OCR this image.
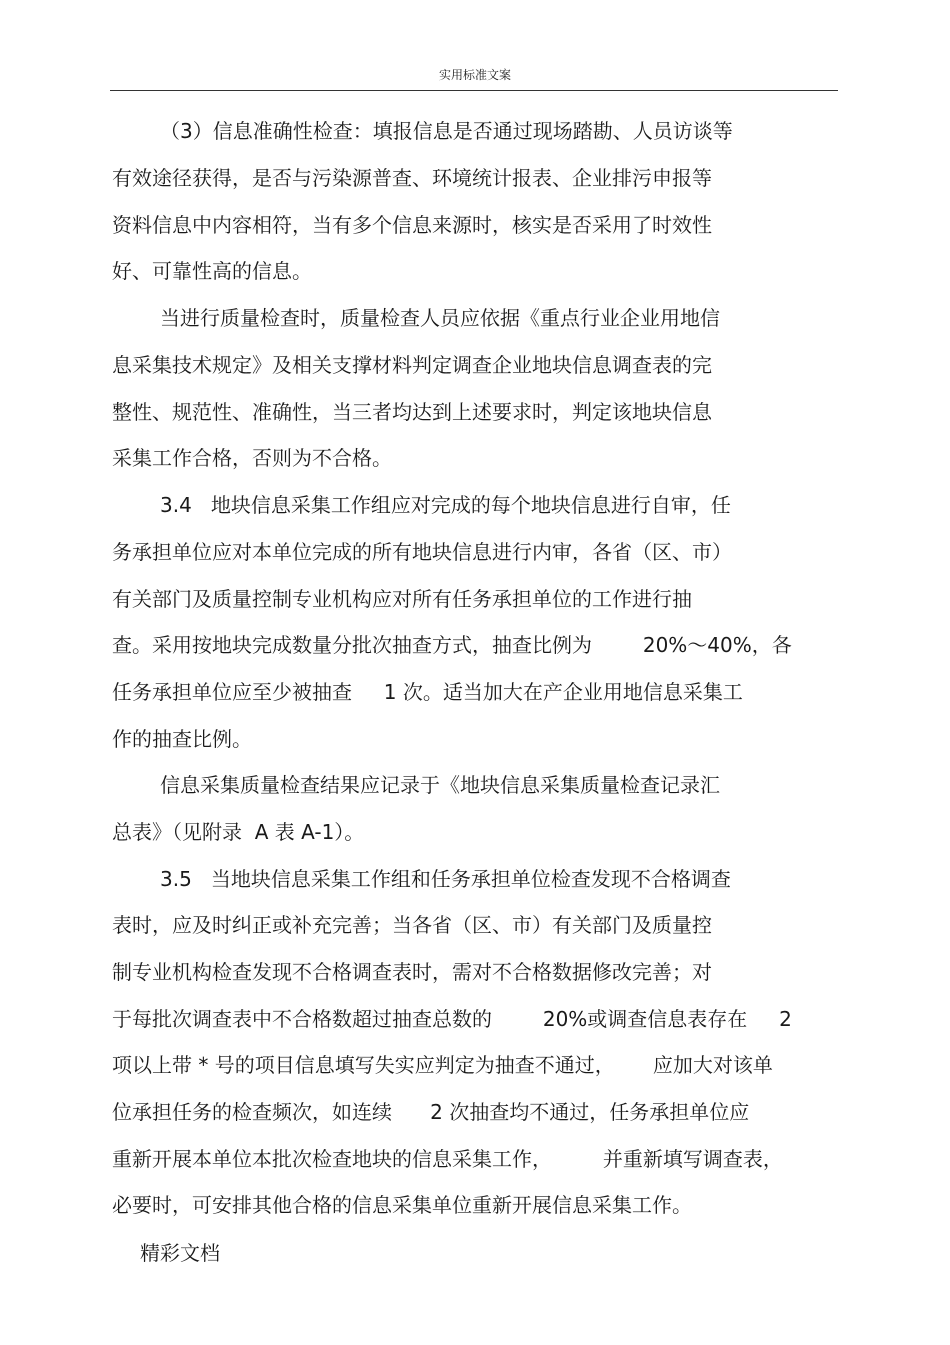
实用标准文案
（3）信息准确性检查：填报信息是否通过现场踏勘、人员访谈等
有效途径获得，是否与污染源普查、环境统计报表、企业排污申报等
资料信息中内容相符，当有多个信息来源时，核实是否采用了时效性
好、可靠性高的信息。
当进行质量检查时，质量检查人员应依据《重点行业企业用地信
息采集技术规定》及相关支撑材料判定调查企业地块信息调查表的完
整性、规范性、准确性，当三者均达到上述要求时，判定该地块信息
采集工作合格，否则为不合格。
3.4   地块信息采集工作组应对完成的每个地块信息进行自审，任
务承担单位应对本单位完成的所有地块信息进行内审，各省（区、市）
有关部门及质量控制专业机构应对所有任务承担单位的工作进行抽
查。采用按地块完成数量分批次抽查方式，抽查比例为        20%～40%，各
任务承担单位应至少被抽查     1 次。适当加大在产企业用地信息采集工
作的抽查比例。
信息采集质量检查结果应记录于《地块信息采集质量检查记录汇
总表》（见附录  A 表 A-1）。
3.5   当地块信息采集工作组和任务承担单位检查发现不合格调查
表时，应及时纠正或补充完善；当各省（区、市）有关部门及质量控
制专业机构检查发现不合格调查表时，需对不合格数据修改完善；对
于每批次调查表中不合格数超过抽查总数的        20%或调查信息表存在     2
项以上带 * 号的项目信息填写失实应判定为抽查不通过，      应加大对该单
位承担任务的检查频次，如连续      2 次抽查均不通过，任务承担单位应
重新开展本单位本批次检查地块的信息采集工作，        并重新填写调查表，
必要时，可安排其他合格的信息采集单位重新开展信息采集工作。
精彩文档
